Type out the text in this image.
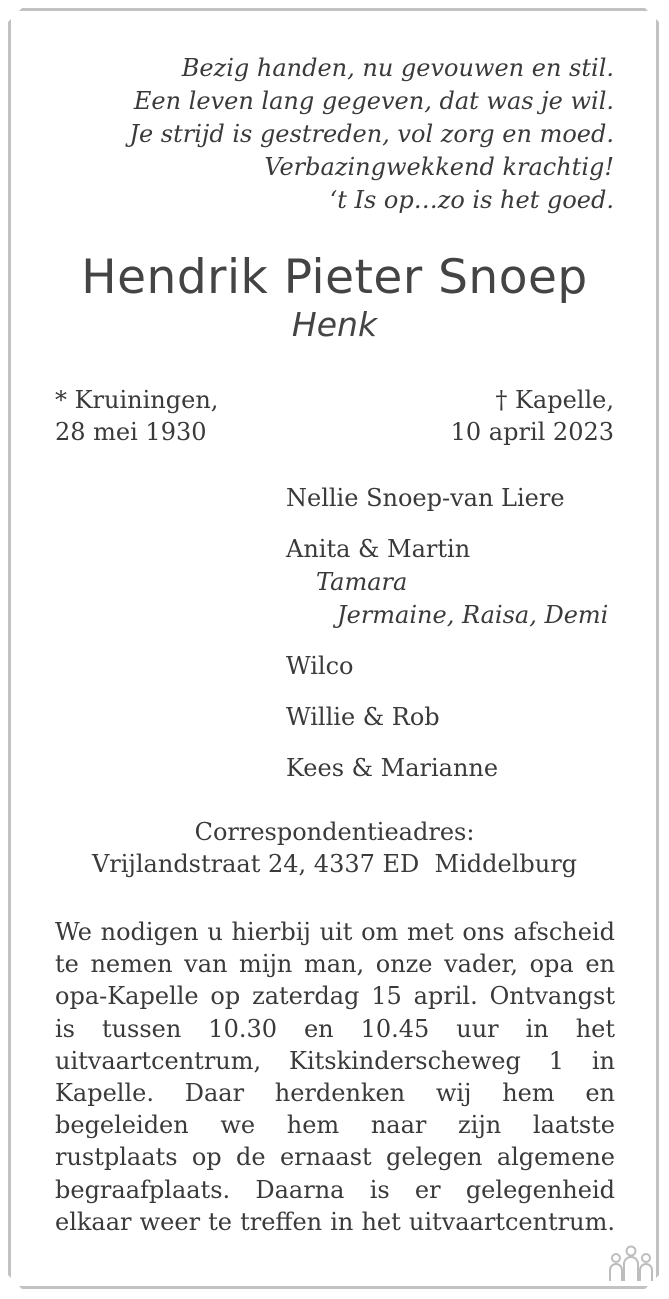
Bezig handen, nu gevouwen en stil.
Een leven lang gegeven, dat was je wil.
Je strijd is gestreden, vol zorg en moed.
Verbazingwekkend krachtig!
‘t Is op…zo is het goed.
Hendrik Pieter Snoep
Henk
* Kruiningen,
28 mei 1930
† Kapelle,
10 april 2023
Nellie Snoep-van Liere
Anita & Martin
Tamara
Jermaine, Raisa, Demi
Wilco
Willie & Rob
Kees & Marianne
Correspondentieadres:
Vrijlandstraat 24, 4337 ED  Middelburg
We nodigen u hierbij uit om met ons afscheid te nemen van mijn man, onze vader, opa en opa-Kapelle op zaterdag 15 april. Ontvangst is tussen 10.30 en 10.45 uur in het uitvaartcentrum, Kitskinderscheweg 1 in Kapelle. Daar herdenken wij hem en begeleiden we hem naar zijn laatste rustplaats op de ernaast gelegen algemene begraafplaats. Daarna is er gelegenheid elkaar weer te treffen in het uitvaartcentrum.
